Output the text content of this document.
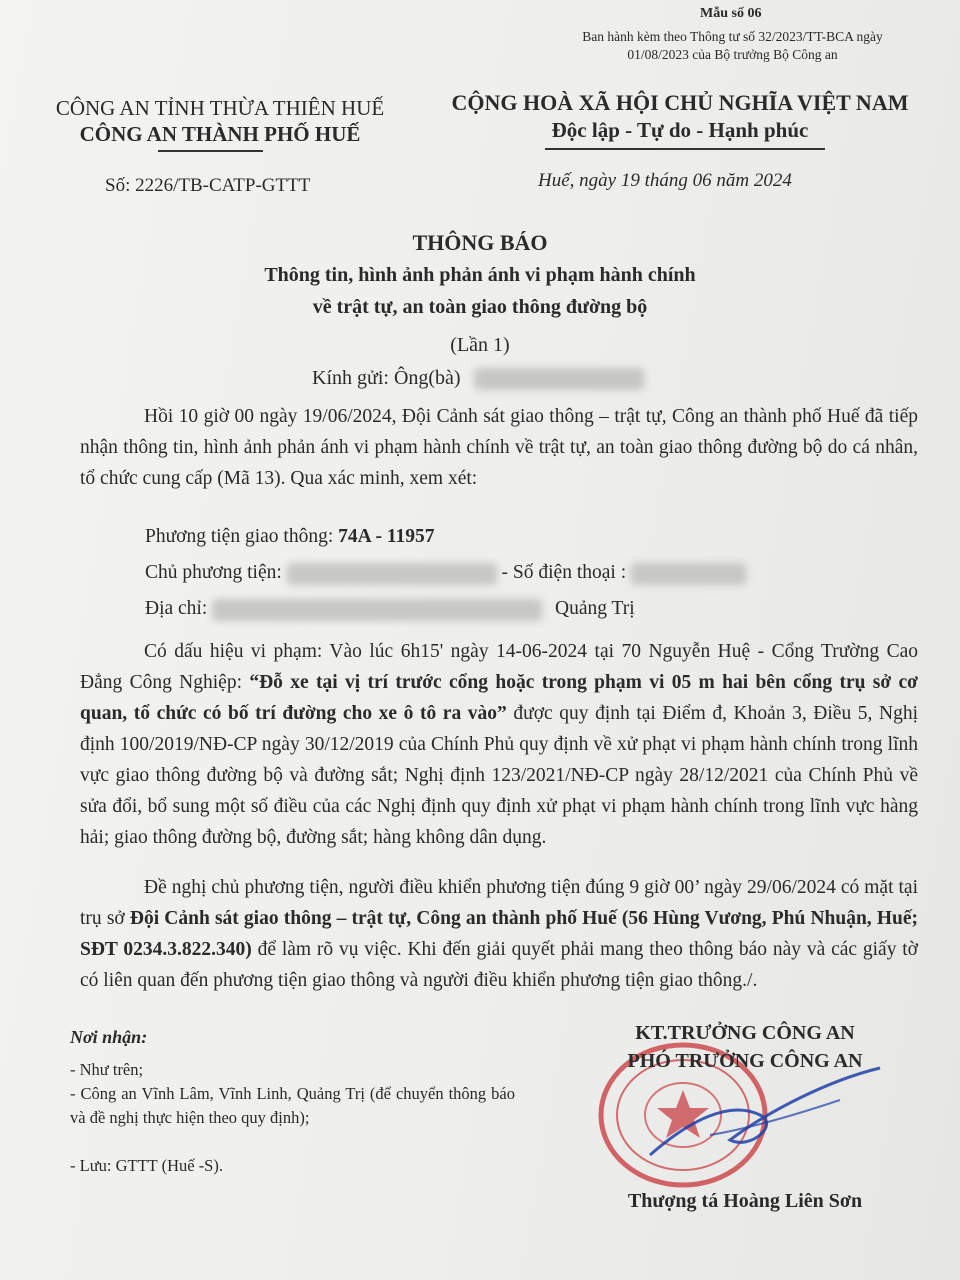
Mẫu số 06
Ban hành kèm theo Thông tư số 32/2023/TT-BCA ngày 01/08/2023 của Bộ trưởng Bộ Công an
CÔNG AN TỈNH THỪA THIÊN HUẾ
CÔNG AN THÀNH PHỐ HUẾ
CỘNG HOÀ XÃ HỘI CHỦ NGHĨA VIỆT NAM
Độc lập - Tự do - Hạnh phúc
Số: 2226/TB-CATP-GTTT	Huế, ngày 19 tháng 06 năm 2024
THÔNG BÁO
Thông tin, hình ảnh phản ánh vi phạm hành chính
về trật tự, an toàn giao thông đường bộ
(Lần 1)
Kính gửi: Ông(bà)
Hồi 10 giờ 00 ngày 19/06/2024, Đội Cảnh sát giao thông – trật tự, Công an thành phố Huế đã tiếp nhận thông tin, hình ảnh phản ánh vi phạm hành chính về trật tự, an toàn giao thông đường bộ do cá nhân, tổ chức cung cấp (Mã 13). Qua xác minh, xem xét:
Phương tiện giao thông: 74A - 11957
Chủ phương tiện:	- Số điện thoại :
Địa chỉ:	Quảng Trị
Có dấu hiệu vi phạm: Vào lúc 6h15' ngày 14-06-2024 tại 70 Nguyễn Huệ - Cổng Trường Cao Đẳng Công Nghiệp: “Đỗ xe tại vị trí trước cổng hoặc trong phạm vi 05 m hai bên cổng trụ sở cơ quan, tổ chức có bố trí đường cho xe ô tô ra vào” được quy định tại Điểm đ, Khoản 3, Điều 5, Nghị định 100/2019/NĐ-CP ngày 30/12/2019 của Chính Phủ quy định về xử phạt vi phạm hành chính trong lĩnh vực giao thông đường bộ và đường sắt; Nghị định 123/2021/NĐ-CP ngày 28/12/2021 của Chính Phủ về sửa đổi, bổ sung một số điều của các Nghị định quy định xử phạt vi phạm hành chính trong lĩnh vực hàng hải; giao thông đường bộ, đường sắt; hàng không dân dụng.
Đề nghị chủ phương tiện, người điều khiển phương tiện đúng 9 giờ 00’ ngày 29/06/2024 có mặt tại trụ sở Đội Cảnh sát giao thông – trật tự, Công an thành phố Huế (56 Hùng Vương, Phú Nhuận, Huế; SĐT 0234.3.822.340) để làm rõ vụ việc. Khi đến giải quyết phải mang theo thông báo này và các giấy tờ có liên quan đến phương tiện giao thông và người điều khiển phương tiện giao thông./.
Nơi nhận:
- Như trên;
- Công an Vĩnh Lâm, Vĩnh Linh, Quảng Trị (để chuyển thông báo và đề nghị thực hiện theo quy định);
- Lưu: GTTT (Huế -S).
KT.TRƯỞNG CÔNG AN
PHÓ TRƯỞNG CÔNG AN
Thượng tá Hoàng Liên Sơn
